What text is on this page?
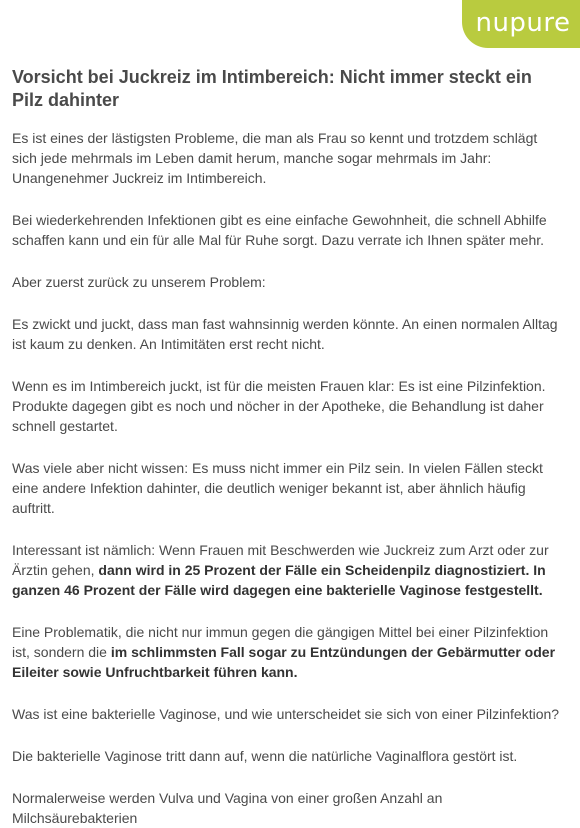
nupure
Vorsicht bei Juckreiz im Intimbereich: Nicht immer steckt ein Pilz dahinter

Es ist eines der lästigsten Probleme, die man als Frau so kennt und trotzdem schlägt sich jede mehrmals im Leben damit herum, manche sogar mehrmals im Jahr: Unangenehmer Juckreiz im Intimbereich.

Bei wiederkehrenden Infektionen gibt es eine einfache Gewohnheit, die schnell Abhilfe schaffen kann und ein für alle Mal für Ruhe sorgt. Dazu verrate ich Ihnen später mehr.

Aber zuerst zurück zu unserem Problem:

Es zwickt und juckt, dass man fast wahnsinnig werden könnte. An einen normalen Alltag ist kaum zu denken. An Intimitäten erst recht nicht.

Wenn es im Intimbereich juckt, ist für die meisten Frauen klar: Es ist eine Pilzinfektion. Produkte dagegen gibt es noch und nöcher in der Apotheke, die Behandlung ist daher schnell gestartet.

Was viele aber nicht wissen: Es muss nicht immer ein Pilz sein. In vielen Fällen steckt eine andere Infektion dahinter, die deutlich weniger bekannt ist, aber ähnlich häufig auftritt.

Interessant ist nämlich: Wenn Frauen mit Beschwerden wie Juckreiz zum Arzt oder zur Ärztin gehen, dann wird in 25 Prozent der Fälle ein Scheidenpilz diagnostiziert. In ganzen 46 Prozent der Fälle wird dagegen eine bakterielle Vaginose festgestellt.

Eine Problematik, die nicht nur immun gegen die gängigen Mittel bei einer Pilzinfektion ist, sondern die im schlimmsten Fall sogar zu Entzündungen der Gebärmutter oder Eileiter sowie Unfruchtbarkeit führen kann.

Was ist eine bakterielle Vaginose, und wie unterscheidet sie sich von einer Pilzinfektion?

Die bakterielle Vaginose tritt dann auf, wenn die natürliche Vaginalflora gestört ist.

Normalerweise werden Vulva und Vagina von einer großen Anzahl an Milchsäurebakterien
